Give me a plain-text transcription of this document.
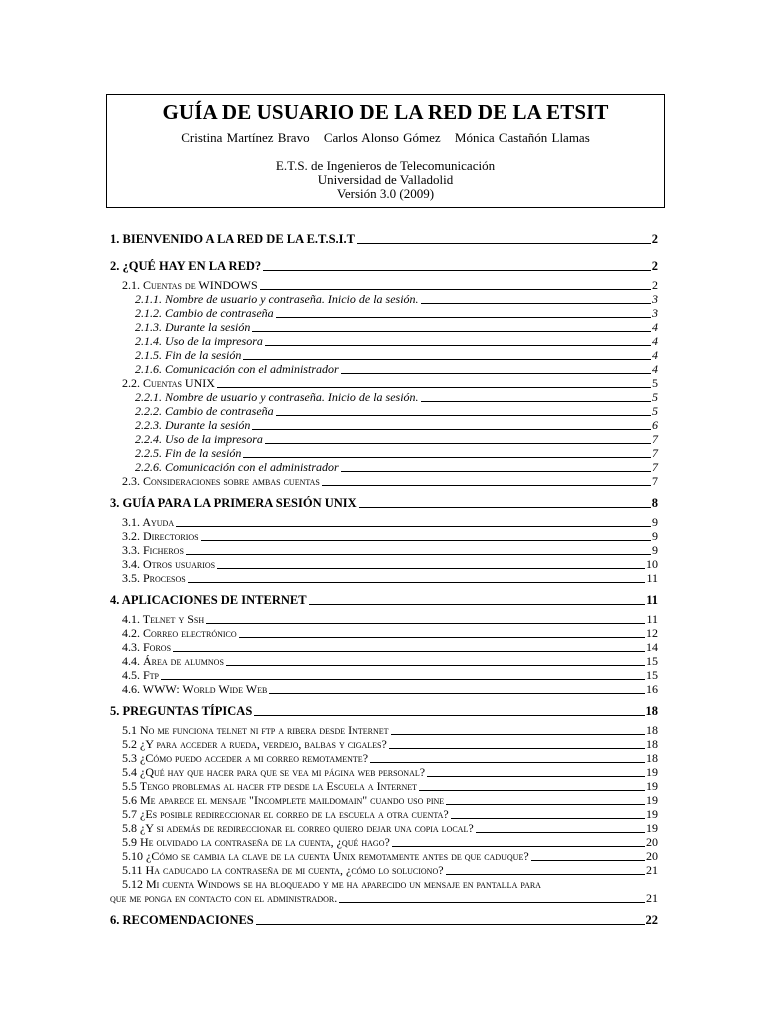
GUÍA DE USUARIO DE LA RED DE LA ETSIT
Cristina Martínez Bravo Carlos Alonso Gómez Mónica Castañón Llamas
E.T.S. de Ingenieros de Telecomunicación
Universidad de Valladolid
Versión 3.0 (2009)
1. BIENVENIDO A LA RED DE LA E.T.S.I.T	2
2. ¿QUÉ HAY EN LA RED?	2
2.1. Cuentas de WINDOWS	2
2.1.1. Nombre de usuario y contraseña. Inicio de la sesión.	3
2.1.2. Cambio de contraseña	3
2.1.3. Durante la sesión	4
2.1.4. Uso de la impresora	4
2.1.5. Fin de la sesión	4
2.1.6. Comunicación con el administrador	4
2.2. Cuentas UNIX	5
2.2.1. Nombre de usuario y contraseña. Inicio de la sesión.	5
2.2.2. Cambio de contraseña	5
2.2.3. Durante la sesión	6
2.2.4. Uso de la impresora	7
2.2.5. Fin de la sesión	7
2.2.6. Comunicación con el administrador	7
2.3. Consideraciones sobre ambas cuentas	7
3. GUÍA PARA LA PRIMERA SESIÓN UNIX	8
3.1. Ayuda	9
3.2. Directorios	9
3.3. Ficheros	9
3.4. Otros usuarios	10
3.5. Procesos	11
4. APLICACIONES DE INTERNET	11
4.1. Telnet y Ssh	11
4.2. Correo electrónico	12
4.3. Foros	14
4.4. Área de alumnos	15
4.5. Ftp	15
4.6. WWW: World Wide Web	16
5. PREGUNTAS TÍPICAS	18
5.1 No me funciona telnet ni ftp a ribera desde Internet	18
5.2 ¿Y para acceder a rueda, verdejo, balbas y cigales?	18
5.3 ¿Cómo puedo acceder a mi correo remotamente?	18
5.4 ¿Qué hay que hacer para que se vea mi página web personal?	19
5.5 Tengo problemas al hacer ftp desde la Escuela a Internet	19
5.6 Me aparece el mensaje "Incomplete maildomain" cuando uso pine	19
5.7 ¿Es posible redireccionar el correo de la escuela a otra cuenta?	19
5.8 ¿Y si además de redireccionar el correo quiero dejar una copia local?	19
5.9 He olvidado la contraseña de la cuenta, ¿qué hago?	20
5.10 ¿Cómo se cambia la clave de la cuenta Unix remotamente antes de que caduque?	20
5.11 Ha caducado la contraseña de mi cuenta, ¿cómo lo soluciono?	21
5.12 Mi cuenta Windows se ha bloqueado y me ha aparecido un mensaje en pantalla para
que me ponga en contacto con el administrador.	21
6. RECOMENDACIONES	22
